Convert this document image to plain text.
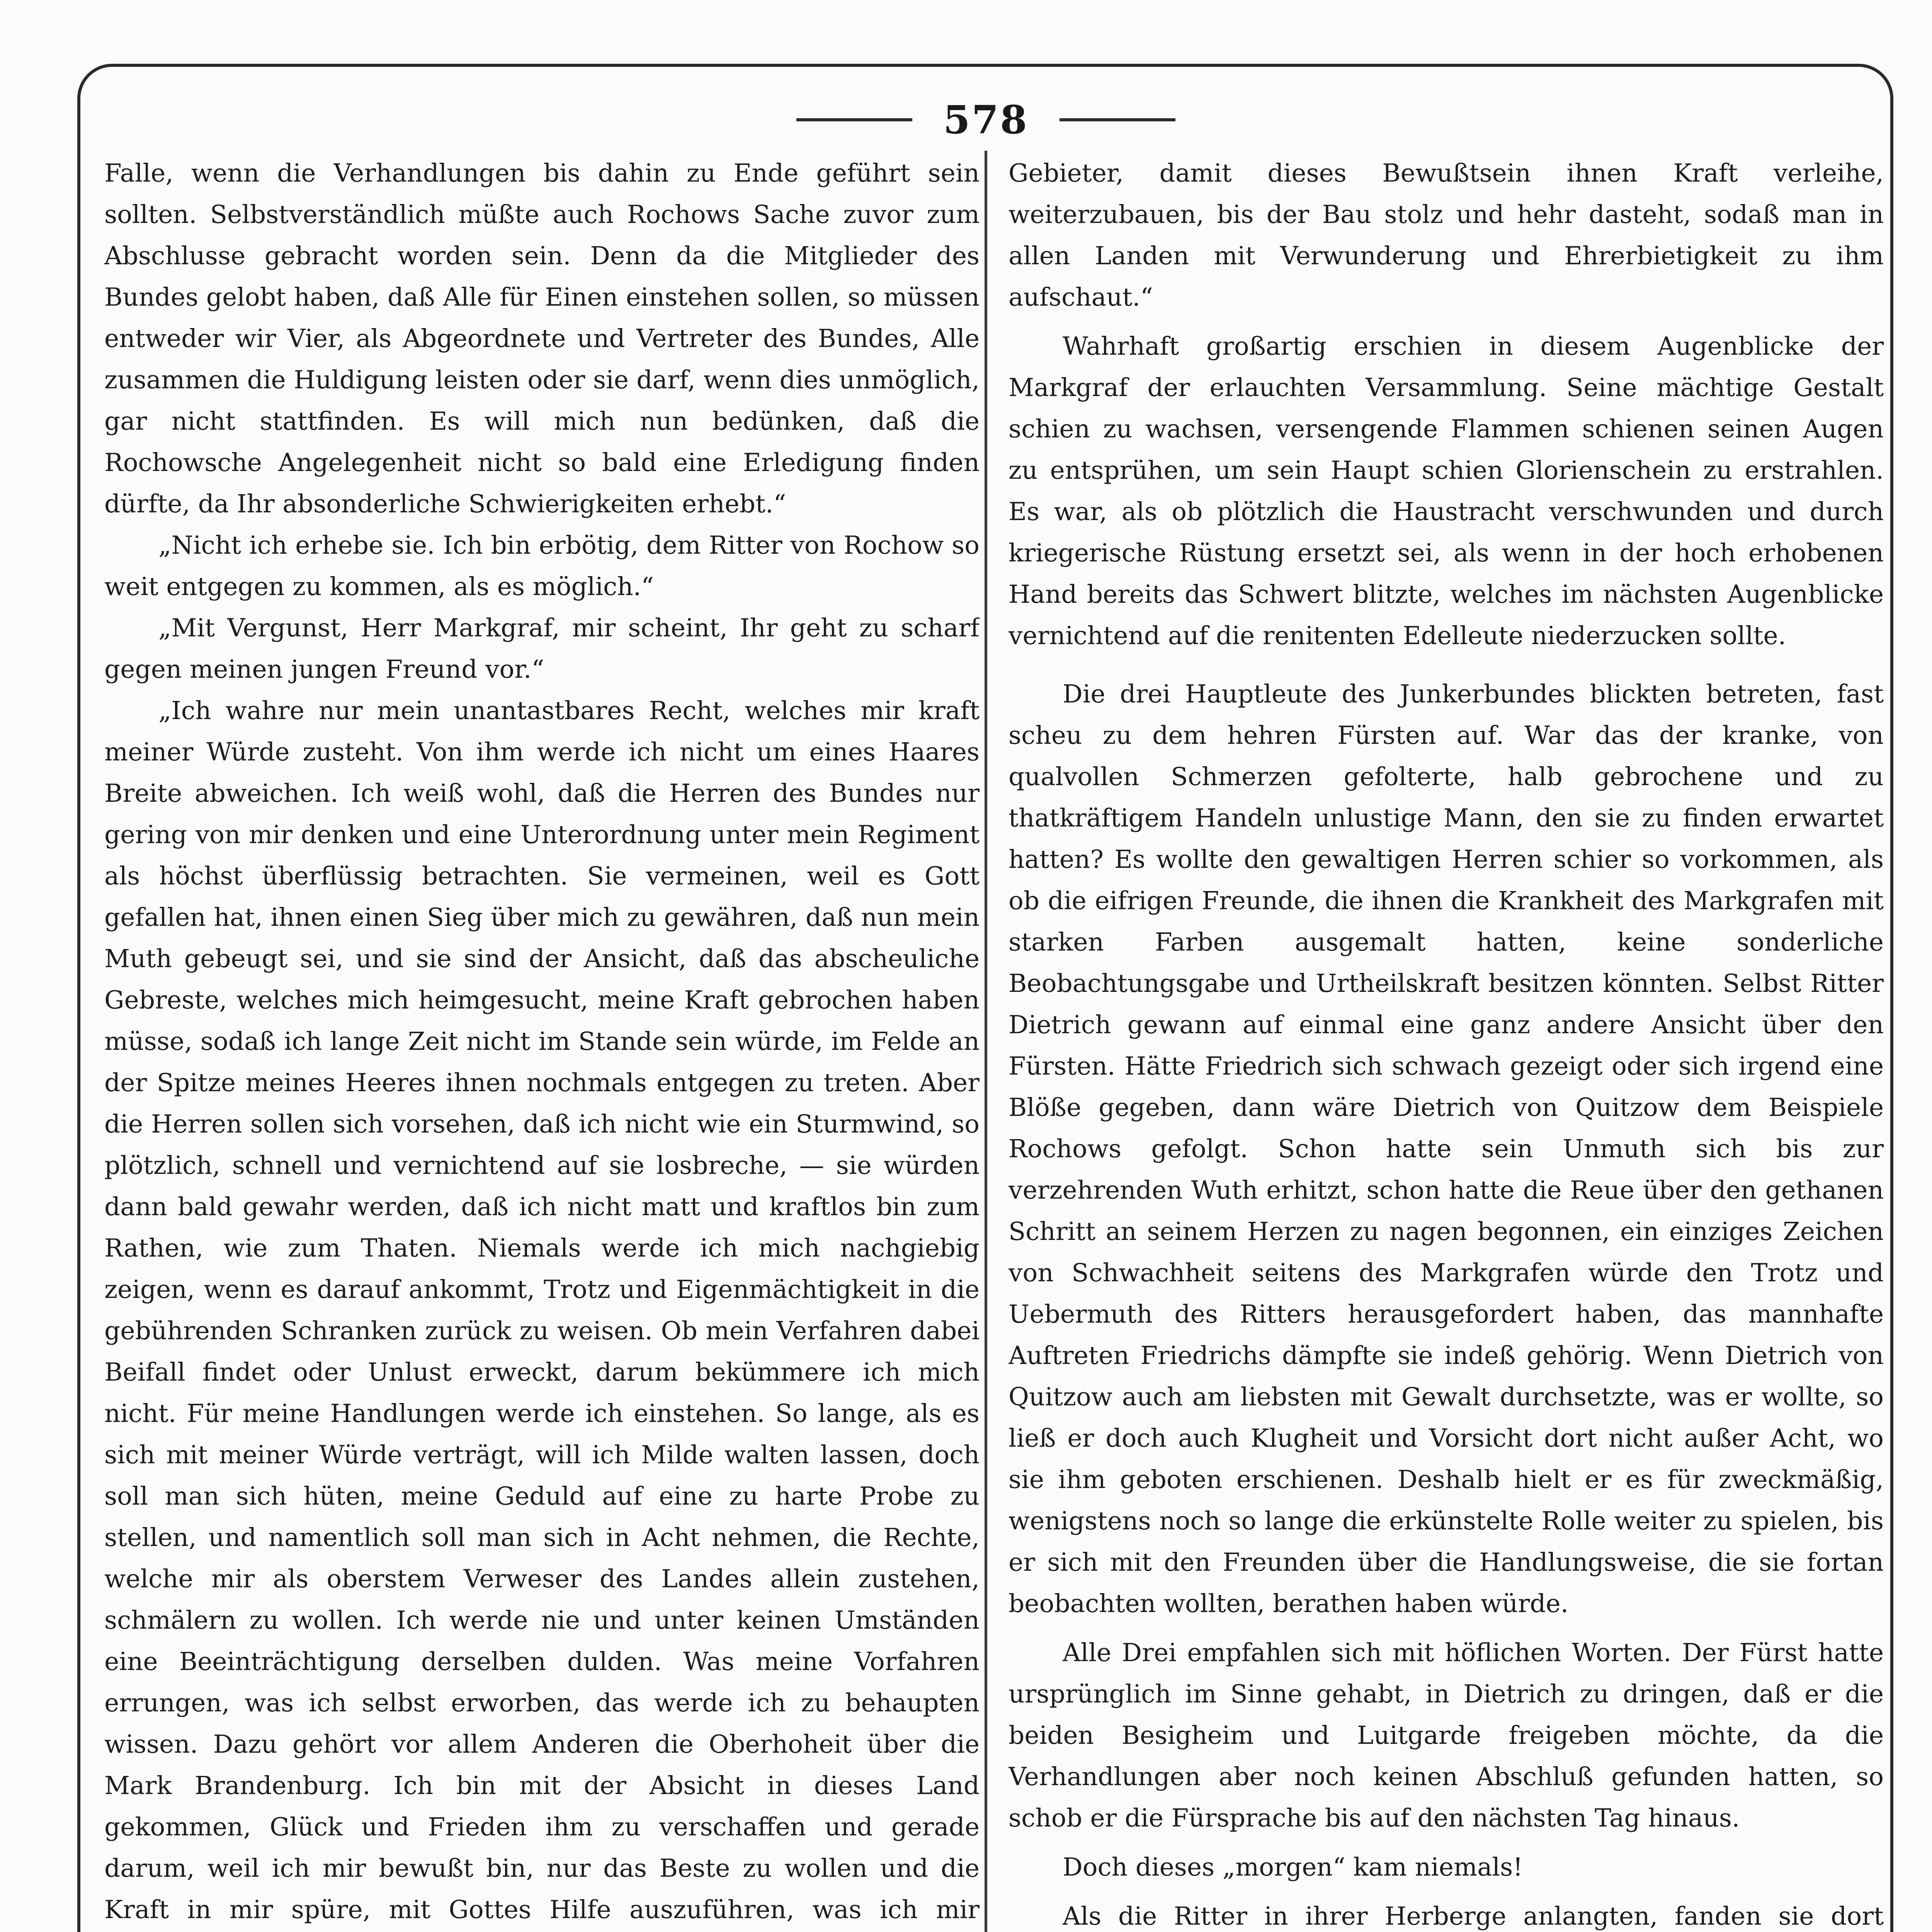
578

Falle, wenn die Verhandlungen bis dahin zu Ende geführt sein sollten. Selbstverständlich müßte auch Rochows Sache zuvor zum Abschlusse gebracht worden sein. Denn da die Mitglieder des Bundes gelobt haben, daß Alle für Einen einstehen sollen, so müssen entweder wir Vier, als Abgeordnete und Vertreter des Bundes, Alle zusammen die Huldigung leisten oder sie darf, wenn dies unmöglich, gar nicht stattfinden. Es will mich nun bedünken, daß die Rochowsche Angelegenheit nicht so bald eine Erledigung finden dürfte, da Ihr absonderliche Schwierigkeiten erhebt.“

„Nicht ich erhebe sie. Ich bin erbötig, dem Ritter von Rochow so weit entgegen zu kommen, als es möglich.“

„Mit Vergunst, Herr Markgraf, mir scheint, Ihr geht zu scharf gegen meinen jungen Freund vor.“

„Ich wahre nur mein unantastbares Recht, welches mir kraft meiner Würde zusteht. Von ihm werde ich nicht um eines Haares Breite abweichen. Ich weiß wohl, daß die Herren des Bundes nur gering von mir denken und eine Unterordnung unter mein Regiment als höchst überflüssig betrachten. Sie vermeinen, weil es Gott gefallen hat, ihnen einen Sieg über mich zu gewähren, daß nun mein Muth gebeugt sei, und sie sind der Ansicht, daß das abscheuliche Gebreste, welches mich heimgesucht, meine Kraft gebrochen haben müsse, sodaß ich lange Zeit nicht im Stande sein würde, im Felde an der Spitze meines Heeres ihnen nochmals entgegen zu treten. Aber die Herren sollen sich vorsehen, daß ich nicht wie ein Sturmwind, so plötzlich, schnell und vernichtend auf sie losbreche, — sie würden dann bald gewahr werden, daß ich nicht matt und kraftlos bin zum Rathen, wie zum Thaten. Niemals werde ich mich nachgiebig zeigen, wenn es darauf ankommt, Trotz und Eigenmächtigkeit in die gebührenden Schranken zurück zu weisen. Ob mein Verfahren dabei Beifall findet oder Unlust erweckt, darum bekümmere ich mich nicht. Für meine Handlungen werde ich einstehen. So lange, als es sich mit meiner Würde verträgt, will ich Milde walten lassen, doch soll man sich hüten, meine Geduld auf eine zu harte Probe zu stellen, und namentlich soll man sich in Acht nehmen, die Rechte, welche mir als oberstem Verweser des Landes allein zustehen, schmälern zu wollen. Ich werde nie und unter keinen Umständen eine Beeinträchtigung derselben dulden. Was meine Vorfahren errungen, was ich selbst erworben, das werde ich zu behaupten wissen. Dazu gehört vor allem Anderen die Oberhoheit über die Mark Brandenburg. Ich bin mit der Absicht in dieses Land gekommen, Glück und Frieden ihm zu verschaffen und gerade darum, weil ich mir bewußt bin, nur das Beste zu wollen und die Kraft in mir spüre, mit Gottes Hilfe auszuführen, was ich mir

Gebieter, damit dieses Bewußtsein ihnen Kraft verleihe, weiterzubauen, bis der Bau stolz und hehr dasteht, sodaß man in allen Landen mit Verwunderung und Ehrerbietigkeit zu ihm aufschaut.“

Wahrhaft großartig erschien in diesem Augenblicke der Markgraf der erlauchten Versammlung. Seine mächtige Gestalt schien zu wachsen, versengende Flammen schienen seinen Augen zu entsprühen, um sein Haupt schien Glorienschein zu erstrahlen. Es war, als ob plötzlich die Haustracht verschwunden und durch kriegerische Rüstung ersetzt sei, als wenn in der hoch erhobenen Hand bereits das Schwert blitzte, welches im nächsten Augenblicke vernichtend auf die renitenten Edelleute niederzucken sollte.

Die drei Hauptleute des Junkerbundes blickten betreten, fast scheu zu dem hehren Fürsten auf. War das der kranke, von qualvollen Schmerzen gefolterte, halb gebrochene und zu thatkräftigem Handeln unlustige Mann, den sie zu finden erwartet hatten? Es wollte den gewaltigen Herren schier so vorkommen, als ob die eifrigen Freunde, die ihnen die Krankheit des Markgrafen mit starken Farben ausgemalt hatten, keine sonderliche Beobachtungsgabe und Urtheilskraft besitzen könnten. Selbst Ritter Dietrich gewann auf einmal eine ganz andere Ansicht über den Fürsten. Hätte Friedrich sich schwach gezeigt oder sich irgend eine Blöße gegeben, dann wäre Dietrich von Quitzow dem Beispiele Rochows gefolgt. Schon hatte sein Unmuth sich bis zur verzehrenden Wuth erhitzt, schon hatte die Reue über den gethanen Schritt an seinem Herzen zu nagen begonnen, ein einziges Zeichen von Schwachheit seitens des Markgrafen würde den Trotz und Uebermuth des Ritters herausgefordert haben, das mannhafte Auftreten Friedrichs dämpfte sie indeß gehörig. Wenn Dietrich von Quitzow auch am liebsten mit Gewalt durchsetzte, was er wollte, so ließ er doch auch Klugheit und Vorsicht dort nicht außer Acht, wo sie ihm geboten erschienen. Deshalb hielt er es für zweckmäßig, wenigstens noch so lange die erkünstelte Rolle weiter zu spielen, bis er sich mit den Freunden über die Handlungsweise, die sie fortan beobachten wollten, berathen haben würde.

Alle Drei empfahlen sich mit höflichen Worten. Der Fürst hatte ursprünglich im Sinne gehabt, in Dietrich zu dringen, daß er die beiden Besigheim und Luitgarde freigeben möchte, da die Verhandlungen aber noch keinen Abschluß gefunden hatten, so schob er die Fürsprache bis auf den nächsten Tag hinaus.

Doch dieses „morgen“ kam niemals!

Als die Ritter in ihrer Herberge anlangten, fanden sie dort
